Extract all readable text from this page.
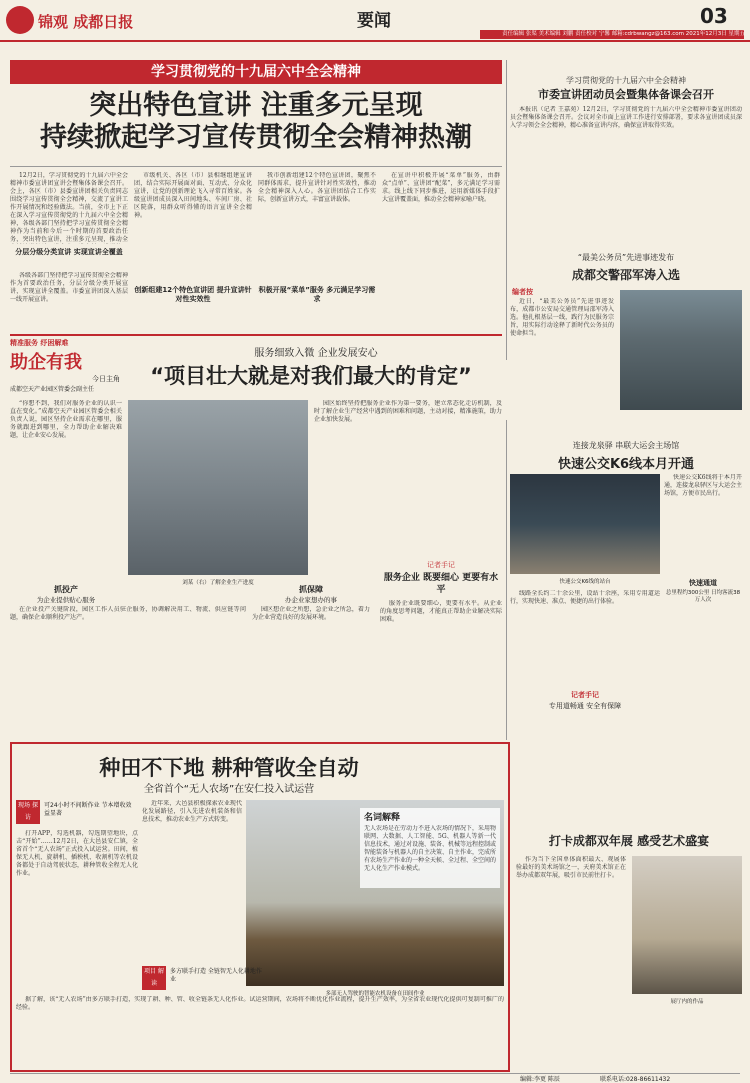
锦观 成都日报	要闻	03
责任编辑 张渠 美术编辑 刘鹏 责任校对 宁馨 邮箱:cdrbwangz@163.com 2021年12月3日 星期五
学习贯彻党的十九届六中全会精神
突出特色宣讲 注重多元呈现
持续掀起学习宣传贯彻全会精神热潮

12月2日，学习贯彻党的十九届六中全会精神市委宣讲团宣讲会暨集体备课会召开。会上，各区（市）县委宣讲团相关负责同志围绕学习宣传贯彻全会精神，交流了宣讲工作开展情况和经验做法。当前，全市上下正在深入学习宣传贯彻党的十九届六中全会精神，各级各部门坚持把学习宣传贯彻全会精神作为当前和今后一个时期的首要政治任务，突出特色宣讲，注重多元呈现，推动全

分层分级分类宣讲 实现宣讲全覆盖

各级各部门坚持把学习宣传贯彻全会精神作为首要政治任务，分层分级分类开展宣讲，实现宣讲全覆盖。市委宣讲团深入基层一线开展宣讲。

市级机关、各区（市）县相继组建宣讲团，结合实际开展面对面、互动式、分众化宣讲，让党的创新理论飞入寻常百姓家。各级宣讲团成员深入田间地头、车间厂房、社区院落，用群众听得懂的语言宣讲全会精神。

创新组建12个特色宣讲团 提升宣讲针对性实效性

我市创新组建12个特色宣讲团，聚焦不同群体需求，提升宣讲针对性实效性，推动全会精神深入人心。各宣讲团结合工作实际，创新宣讲方式，丰富宣讲载体。

积极开展“菜单”服务 多元满足学习需求

在宣讲中积极开展“菜单”服务，由群众“点单”、宣讲团“配菜”，多元满足学习需求。线上线下同步推进，运用新媒体手段扩大宣讲覆盖面，推动全会精神家喻户晓。

学习贯彻党的十九届六中全会精神
市委宣讲团动员会暨集体备课会召开

本报讯（记者 王嘉苑）12月2日，学习贯彻党的十九届六中全会精神市委宣讲团动员会暨集体备课会召开。会议对全市面上宣讲工作进行安排部署，要求各宣讲团成员深入学习领会全会精神，精心准备宣讲内容，确保宣讲取得实效。

“最美公务员”先进事迹发布
成都交警邵军涛入选
编者按

近日，“最美公务员”先进事迹发布，成都市公安局交通管理局邵军涛入选。他扎根基层一线，践行为民服务宗旨，用实际行动诠释了新时代公务员的使命担当。

精准服务 纾困解难
助企有我
今日主角
成都空天产业园区管委会副主任
服务细致入微 企业发展安心
“项目壮大就是对我们最大的肯定”

“你想不到，我们对服务企业的认识一直在变化。”成都空天产业园区管委会相关负责人说，园区坚持企业需求在哪里，服务就跟进到哪里，全力帮助企业解决难题，让企业安心发展。

刘某（右）了解企业生产进度

园区始终坚持把服务企业作为第一要务，建立常态化走访机制，及时了解企业生产经营中遇到的困难和问题，主动对接，精准施策，助力企业加快发展。

抓投产
为企业提供贴心服务

在企业投产关键阶段，园区工作人员驻企服务，协调解决用工、物流、供应链等问题，确保企业顺利投产达产。

抓保障
办企业家想办的事

园区想企业之所想，急企业之所急，着力为企业营造良好的发展环境。

记者手记
服务企业 既要细心 更要有水平

服务企业既要细心，更要有水平。从企业的角度思考问题，才能真正帮助企业解决实际困难。

连接龙泉驿 串联大运会主场馆
快速公交K6线本月开通
快速公交K6线的站台

快速公交K6线将于本月开通，连接龙泉驿区与大运会主场馆，方便市民出行。

快速通道
总里程约300公里 日均客流38万人次

线路全长约二十余公里，设站十余座，采用专用道运行，实现快速、准点、便捷的出行体验。

记者手记
专用道畅通 安全有保障
种田不下地 耕种管收全自动
全省首个“无人农场”在安仁投入试运营
现场 探访
可24小时不间断作业 节本增收效益显著

打开APP，勾选机器，勾选期望地块，点击“开始”……12月2日，在大邑县安仁镇，全省首个“无人农场”正式投入试运营。田间，植保无人机、旋耕机、插秧机、收割机等农机设备都处于自动驾驶状态，耕种管收全程无人化作业。

名词解释
无人农场是在劳动力不进入农场的情况下，采用物联网、大数据、人工智能、5G、机器人等新一代信息技术，通过对设施、装备、机械等远程控制或智能装备与机器人的自主决策、自主作业，完成所有农场生产作业的一种全天候、全过程、全空间的无人化生产作业模式。
多部无人驾驶的智能农机设备在田间作业

近年来，大邑县积极探索农业现代化发展路径，引入先进农机装备和信息技术，推动农业生产方式转变。

项目 解读
多方联手打造 全链智无人化耕地作业

据了解，该“无人农场”由多方联手打造，实现了耕、种、管、收全链条无人化作业。试运营期间，农场将不断优化作业流程，提升生产效率，为全省农业现代化提供可复制可推广的经验。

打卡成都双年展 感受艺术盛宴

作为当下全国单体面积最大、观展体验最好的美术场馆之一，天府美术馆正在举办成都双年展，吸引市民前往打卡。

展厅内的作品
编辑:李更 陈辰	联系电话:028-86611432
